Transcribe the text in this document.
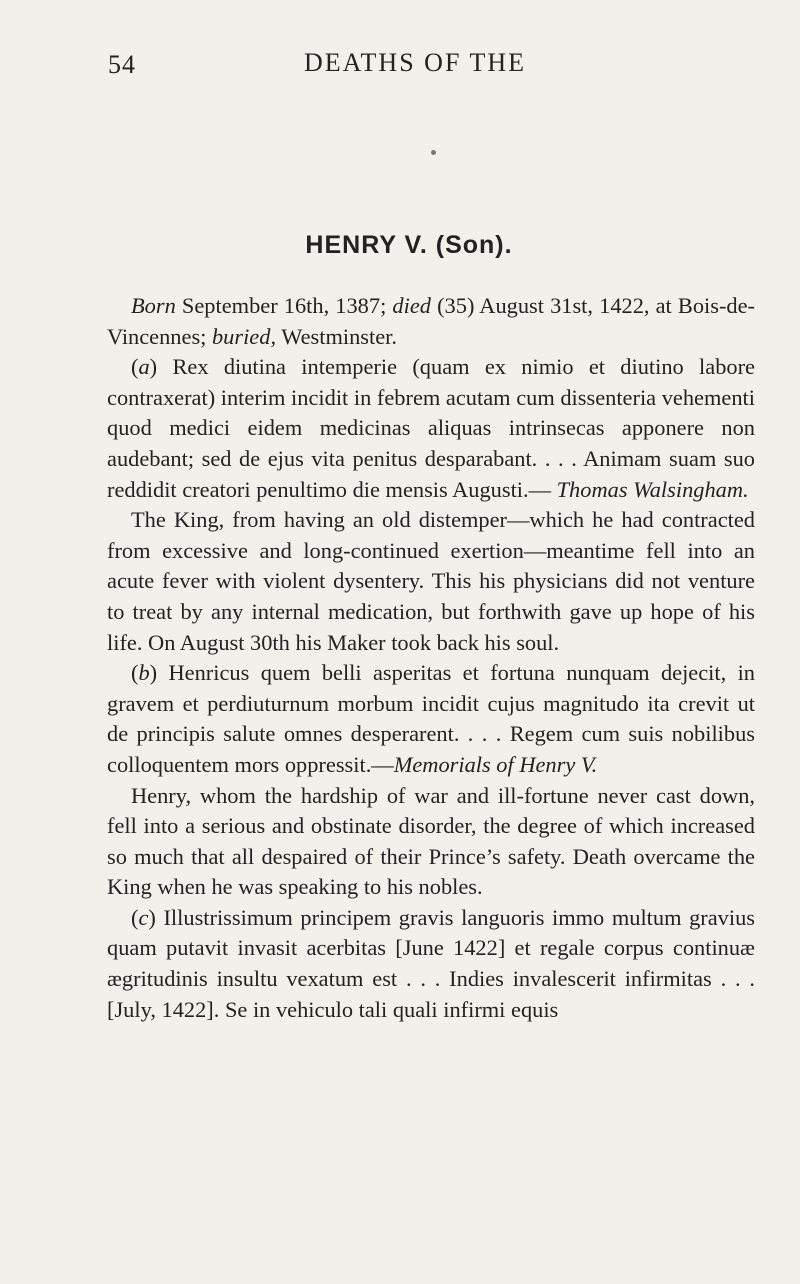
54	DEATHS OF THE
HENRY V. (Son).

Born September 16th, 1387; died (35) August 31st, 1422, at Bois-de-Vincennes; buried, Westminster.

(a) Rex diutina intemperie (quam ex nimio et diutino labore contraxerat) interim incidit in febrem acutam cum dissenteria vehementi quod medici eidem medicinas aliquas intrinsecas apponere non audebant; sed de ejus vita penitus desparabant. . . . Animam suam suo reddidit creatori penultimo die mensis Augusti.— Thomas Walsingham.

The King, from having an old distemper—which he had contracted from excessive and long-continued exertion—meantime fell into an acute fever with violent dysentery. This his physicians did not venture to treat by any internal medication, but forthwith gave up hope of his life. On August 30th his Maker took back his soul.

(b) Henricus quem belli asperitas et fortuna nunquam dejecit, in gravem et perdiuturnum morbum incidit cujus magnitudo ita crevit ut de principis salute omnes desperarent. . . . Regem cum suis nobilibus colloquentem mors oppressit.—Memorials of Henry V.

Henry, whom the hardship of war and ill-fortune never cast down, fell into a serious and obstinate disorder, the degree of which increased so much that all despaired of their Prince’s safety. Death overcame the King when he was speaking to his nobles.

(c) Illustrissimum principem gravis languoris immo multum gravius quam putavit invasit acerbitas [June 1422] et regale corpus continuæ ægritudinis insultu vexatum est . . . Indies invalescerit infirmitas . . . [July, 1422]. Se in vehiculo tali quali infirmi equis
